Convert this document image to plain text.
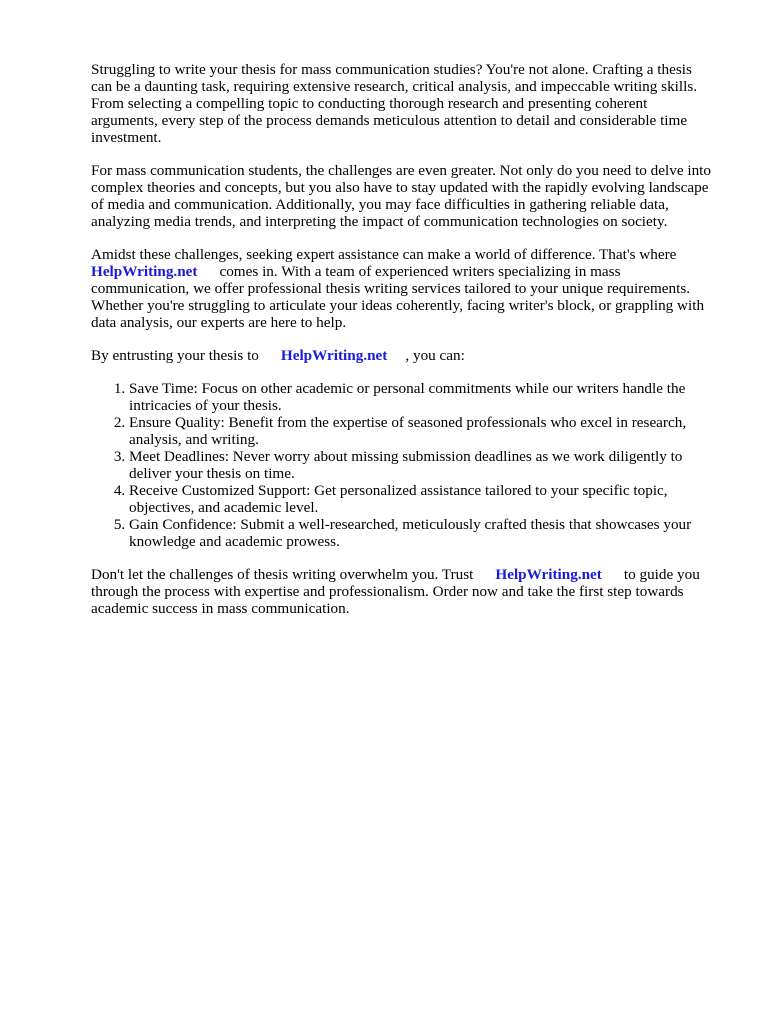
Struggling to write your thesis for mass communication studies? You're not alone. Crafting a thesis can be a daunting task, requiring extensive research, critical analysis, and impeccable writing skills. From selecting a compelling topic to conducting thorough research and presenting coherent arguments, every step of the process demands meticulous attention to detail and considerable time investment.

For mass communication students, the challenges are even greater. Not only do you need to delve into complex theories and concepts, but you also have to stay updated with the rapidly evolving landscape of media and communication. Additionally, you may face difficulties in gathering reliable data, analyzing media trends, and interpreting the impact of communication technologies on society.

Amidst these challenges, seeking expert assistance can make a world of difference. That's where
HelpWriting.net comes in. With a team of experienced writers specializing in mass communication, we offer professional thesis writing services tailored to your unique requirements. Whether you're struggling to articulate your ideas coherently, facing writer's block, or grappling with data analysis, our experts are here to help.

By entrusting your thesis to HelpWriting.net , you can:

1. Save Time: Focus on other academic or personal commitments while our writers handle the intricacies of your thesis.
2. Ensure Quality: Benefit from the expertise of seasoned professionals who excel in research, analysis, and writing.
3. Meet Deadlines: Never worry about missing submission deadlines as we work diligently to deliver your thesis on time.
4. Receive Customized Support: Get personalized assistance tailored to your specific topic, objectives, and academic level.
5. Gain Confidence: Submit a well-researched, meticulously crafted thesis that showcases your knowledge and academic prowess.

Don't let the challenges of thesis writing overwhelm you. Trust HelpWriting.net to guide you through the process with expertise and professionalism. Order now and take the first step towards academic success in mass communication.
